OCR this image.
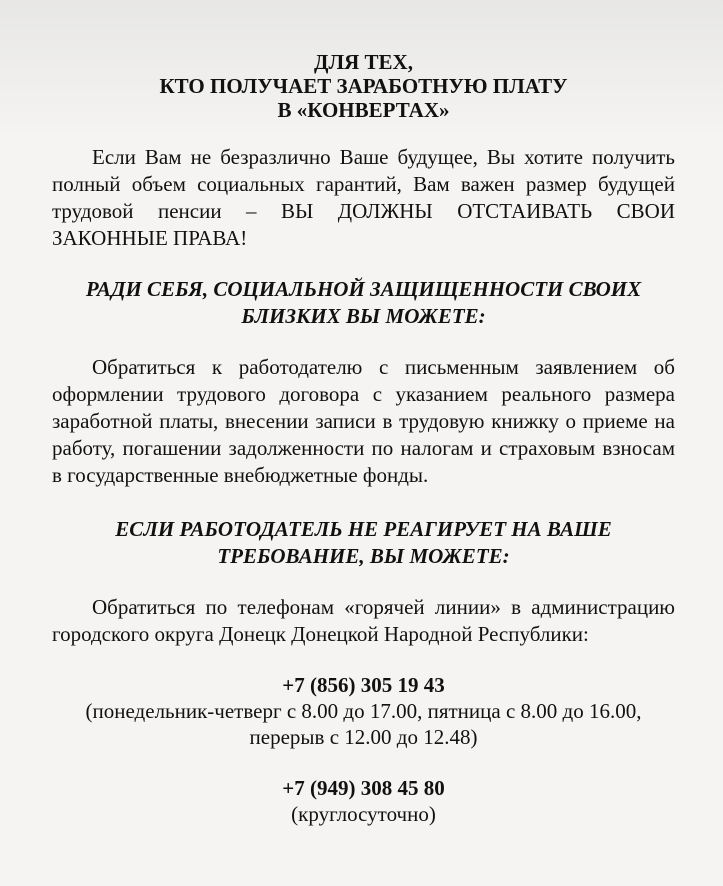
ДЛЯ ТЕХ,
КТО ПОЛУЧАЕТ ЗАРАБОТНУЮ ПЛАТУ
В «КОНВЕРТАХ»

Если Вам не безразлично Ваше будущее, Вы хотите получить полный объем социальных гарантий, Вам важен размер будущей трудовой пенсии – ВЫ ДОЛЖНЫ ОТСТАИВАТЬ СВОИ ЗАКОННЫЕ ПРАВА!

РАДИ СЕБЯ, СОЦИАЛЬНОЙ ЗАЩИЩЕННОСТИ СВОИХ
БЛИЗКИХ ВЫ МОЖЕТЕ:

Обратиться к работодателю с письменным заявлением об оформлении трудового договора с указанием реального размера заработной платы, внесении записи в трудовую книжку о приеме на работу, погашении задолженности по налогам и страховым взносам в государственные внебюджетные фонды.

ЕСЛИ РАБОТОДАТЕЛЬ НЕ РЕАГИРУЕТ НА ВАШЕ
ТРЕБОВАНИЕ, ВЫ МОЖЕТЕ:

Обратиться по телефонам «горячей линии» в администрацию городского округа Донецк Донецкой Народной Республики:

+7 (856) 305 19 43
(понедельник-четверг с 8.00 до 17.00, пятница с 8.00 до 16.00,
перерыв с 12.00 до 12.48)
+7 (949) 308 45 80
(круглосуточно)
